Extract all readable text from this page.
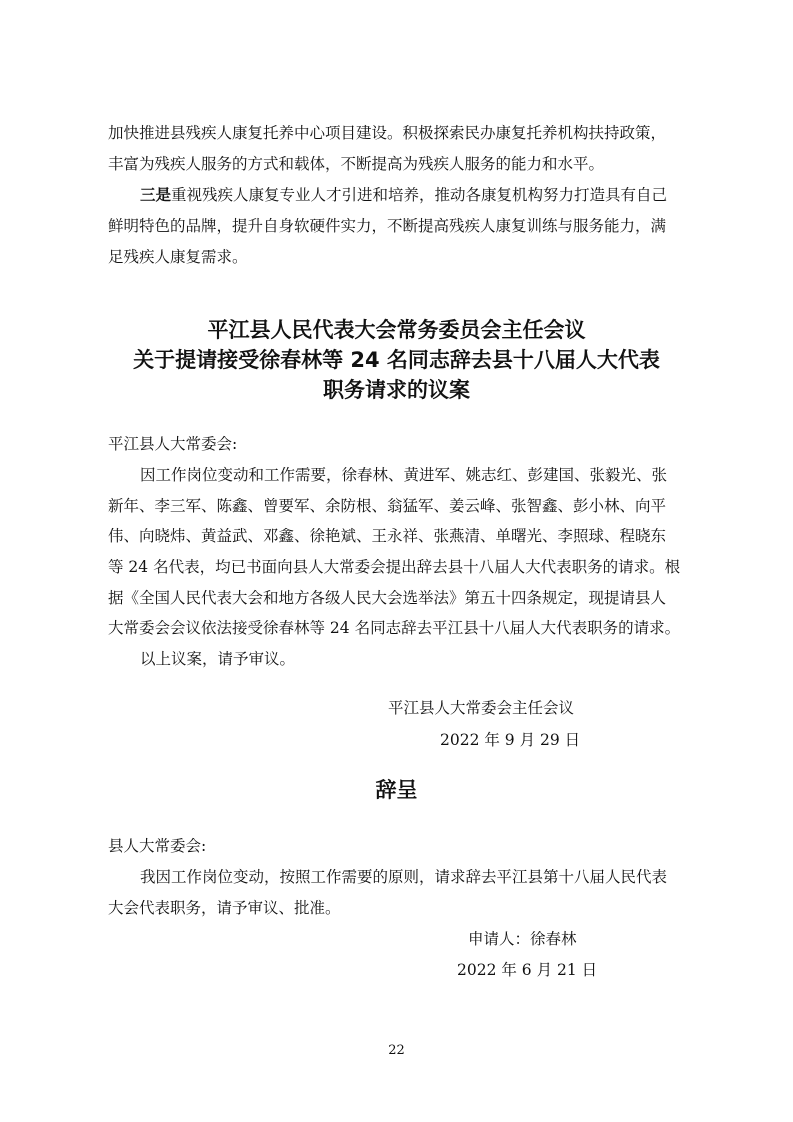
加快推进县残疾人康复托养中心项目建设。积极探索民办康复托养机构扶持政策，

丰富为残疾人服务的方式和载体，不断提高为残疾人服务的能力和水平。

三是重视残疾人康复专业人才引进和培养，推动各康复机构努力打造具有自己

鲜明特色的品牌，提升自身软硬件实力，不断提高残疾人康复训练与服务能力，满

足残疾人康复需求。

平江县人民代表大会常务委员会主任会议
关于提请接受徐春林等 24 名同志辞去县十八届人大代表
职务请求的议案

平江县人大常委会:

因工作岗位变动和工作需要，徐春林、黄进军、姚志红、彭建国、张毅光、张

新年、李三军、陈鑫、曾要军、余防根、翁猛军、姜云峰、张智鑫、彭小林、向平

伟、向晓炜、黄益武、邓鑫、徐艳斌、王永祥、张燕清、单曙光、李照球、程晓东

等 24 名代表，均已书面向县人大常委会提出辞去县十八届人大代表职务的请求。根

据《全国人民代表大会和地方各级人民大会选举法》第五十四条规定，现提请县人

大常委会会议依法接受徐春林等 24 名同志辞去平江县十八届人大代表职务的请求。

以上议案，请予审议。

平江县人大常委会主任会议

2022 年 9 月 29 日

辞呈

县人大常委会:

我因工作岗位变动，按照工作需要的原则，请求辞去平江县第十八届人民代表

大会代表职务，请予审议、批准。

申请人：徐春林

2022 年 6 月 21 日

22
